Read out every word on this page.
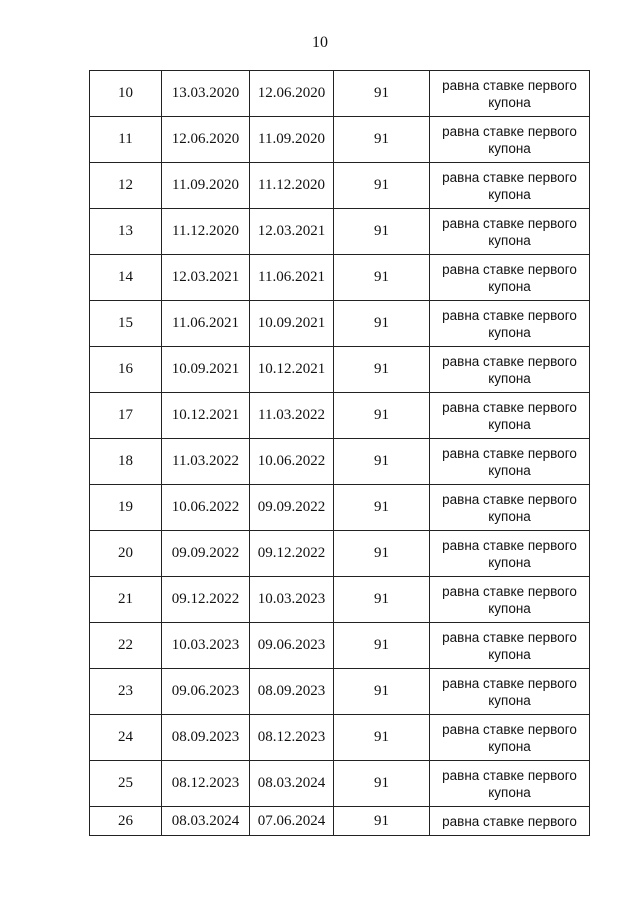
10
10	13.03.2020	12.06.2020	91	равна ставке первого
купона

11	12.06.2020	11.09.2020	91	равна ставке первого
купона

12	11.09.2020	11.12.2020	91	равна ставке первого
купона

13	11.12.2020	12.03.2021	91	равна ставке первого
купона

14	12.03.2021	11.06.2021	91	равна ставке первого
купона

15	11.06.2021	10.09.2021	91	равна ставке первого
купона

16	10.09.2021	10.12.2021	91	равна ставке первого
купона

17	10.12.2021	11.03.2022	91	равна ставке первого
купона

18	11.03.2022	10.06.2022	91	равна ставке первого
купона

19	10.06.2022	09.09.2022	91	равна ставке первого
купона

20	09.09.2022	09.12.2022	91	равна ставке первого
купона

21	09.12.2022	10.03.2023	91	равна ставке первого
купона

22	10.03.2023	09.06.2023	91	равна ставке первого
купона

23	09.06.2023	08.09.2023	91	равна ставке первого
купона

24	08.09.2023	08.12.2023	91	равна ставке первого
купона

25	08.12.2023	08.03.2024	91	равна ставке первого
купона

26	08.03.2024	07.06.2024	91	равна ставке первого
